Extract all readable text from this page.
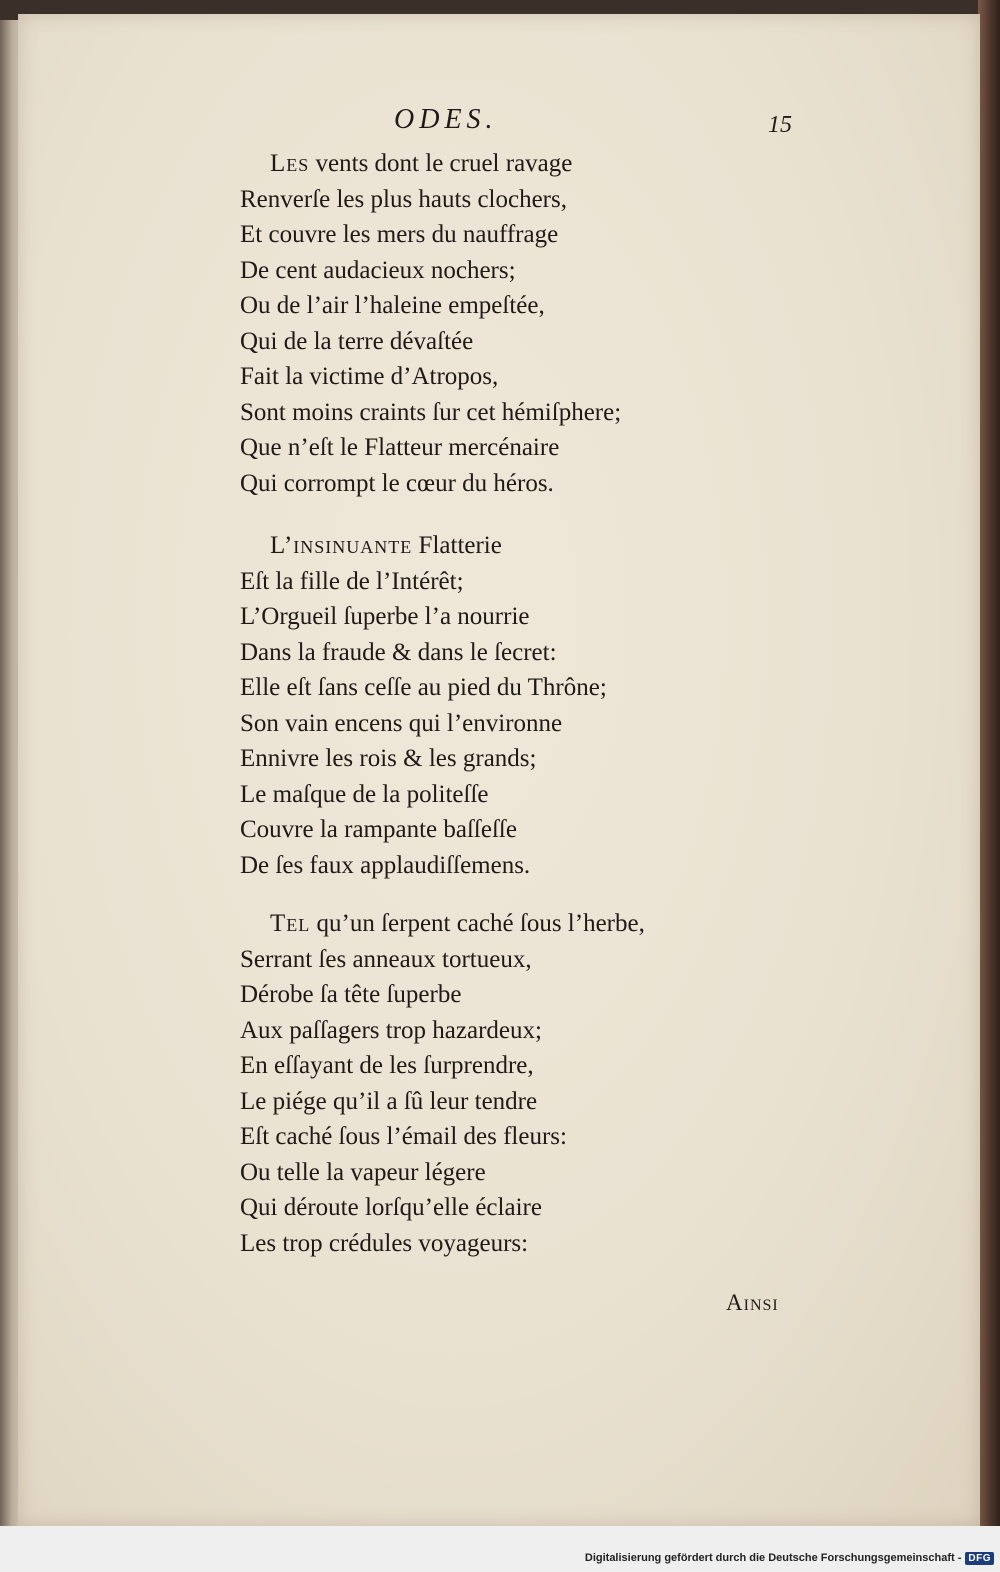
ODES.	15
Les vents dont le cruel ravage
Renverſe les plus hauts clochers,
Et couvre les mers du nauffrage
De cent audacieux nochers;
Ou de l’air l’haleine empeſtée,
Qui de la terre dévaſtée
Fait la victime d’Atropos,
Sont moins craints ſur cet hémiſphere;
Que n’eſt le Flatteur mercénaire
Qui corrompt le cœur du héros.
L’insinuante Flatterie
Eſt la fille de l’Intérêt;
L’Orgueil ſuperbe l’a nourrie
Dans la fraude & dans le ſecret:
Elle eſt ſans ceſſe au pied du Thrône;
Son vain encens qui l’environne
Ennivre les rois & les grands;
Le maſque de la politeſſe
Couvre la rampante baſſeſſe
De ſes faux applaudiſſemens.
Tel qu’un ſerpent caché ſous l’herbe,
Serrant ſes anneaux tortueux,
Dérobe ſa tête ſuperbe
Aux paſſagers trop hazardeux;
En eſſayant de les ſurprendre,
Le piége qu’il a ſû leur tendre
Eſt caché ſous l’émail des fleurs:
Ou telle la vapeur légere
Qui déroute lorſqu’elle éclaire
Les trop crédules voyageurs:
Ainsi
Digitalisierung gefördert durch die Deutsche Forschungsgemeinschaft - DFG
